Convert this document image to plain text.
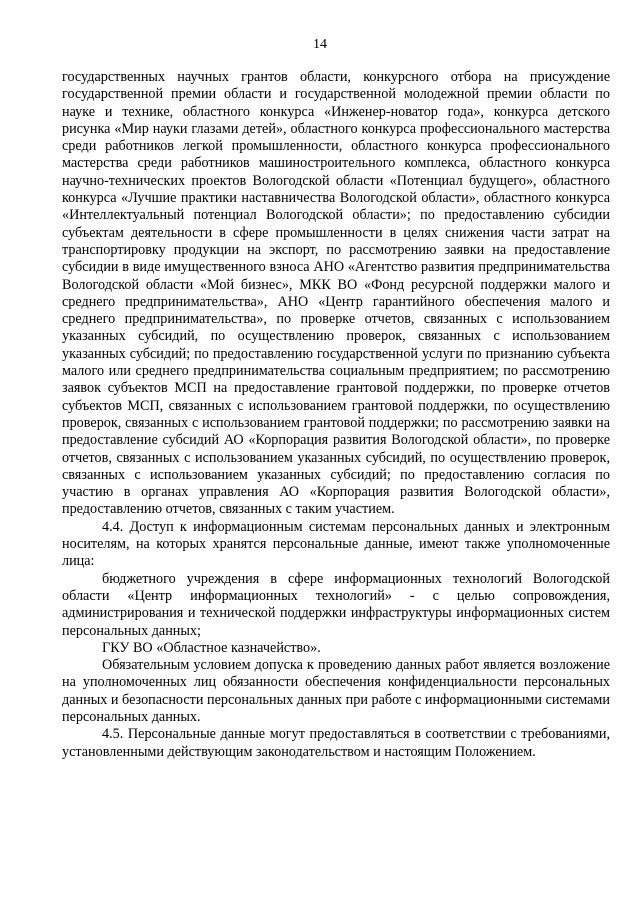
14

государственных научных грантов области, конкурсного отбора на присуждение государственной премии области и государственной молодежной премии области по науке и технике, областного конкурса «Инженер-новатор года», конкурса детского рисунка «Мир науки глазами детей», областного конкурса профессионального мастерства среди работников легкой промышленности, областного конкурса профессионального мастерства среди работников машиностроительного комплекса, областного конкурса научно-технических проектов Вологодской области «Потенциал будущего», областного конкурса «Лучшие практики наставничества Вологодской области», областного конкурса «Интеллектуальный потенциал Вологодской области»; по предоставлению субсидии субъектам деятельности в сфере промышленности в целях снижения части затрат на транспортировку продукции на экспорт, по рассмотрению заявки на предоставление субсидии в виде имущественного взноса АНО «Агентство развития предпринимательства Вологодской области «Мой бизнес», МКК ВО «Фонд ресурсной поддержки малого и среднего предпринимательства», АНО «Центр гарантийного обеспечения малого и среднего предпринимательства», по проверке отчетов, связанных с использованием указанных субсидий, по осуществлению проверок, связанных с использованием указанных субсидий; по предоставлению государственной услуги по признанию субъекта малого или среднего предпринимательства социальным предприятием; по рассмотрению заявок субъектов МСП на предоставление грантовой поддержки, по проверке отчетов субъектов МСП, связанных с использованием грантовой поддержки, по осуществлению проверок, связанных с использованием грантовой поддержки; по рассмотрению заявки на предоставление субсидий АО «Корпорация развития Вологодской области», по проверке отчетов, связанных с использованием указанных субсидий, по осуществлению проверок, связанных с использованием указанных субсидий; по предоставлению согласия по участию в органах управления АО «Корпорация развития Вологодской области», предоставлению отчетов, связанных с таким участием.

4.4. Доступ к информационным системам персональных данных и электронным носителям, на которых хранятся персональные данные, имеют также уполномоченные лица:

бюджетного учреждения в сфере информационных технологий Вологодской области «Центр информационных технологий» - с целью сопровождения, администрирования и технической поддержки инфраструктуры информационных систем персональных данных;

ГКУ ВО «Областное казначейство».

Обязательным условием допуска к проведению данных работ является возложение на уполномоченных лиц обязанности обеспечения конфиденциальности персональных данных и безопасности персональных данных при работе с информационными системами персональных данных.

4.5. Персональные данные могут предоставляться в соответствии с требованиями, установленными действующим законодательством и настоящим Положением.
